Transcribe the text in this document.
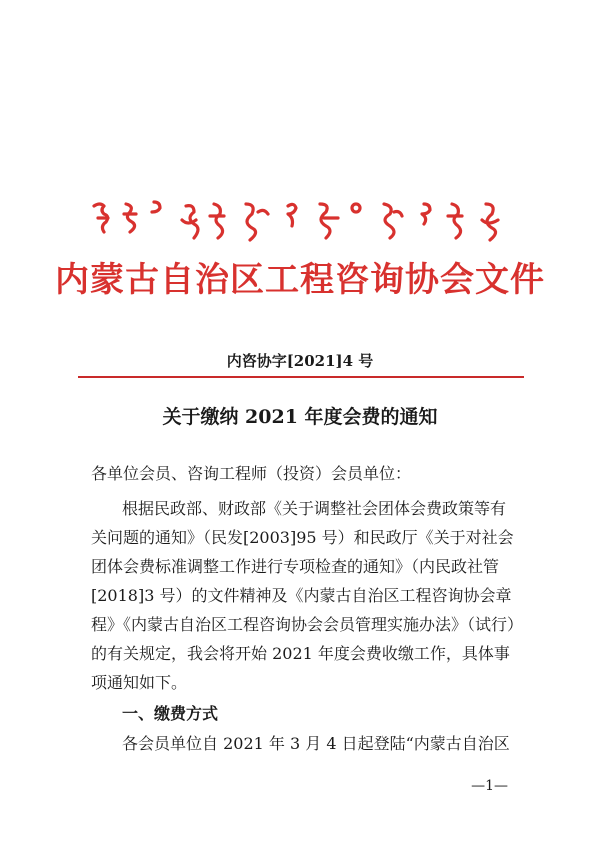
内蒙古自治区工程咨询协会文件
内咨协字[2021]4 号
关于缴纳 2021 年度会费的通知
各单位会员、咨询工程师（投资）会员单位：
根据民政部、财政部《关于调整社会团体会费政策等有
关问题的通知》（民发[2003]95 号）和民政厅《关于对社会
团体会费标准调整工作进行专项检查的通知》（内民政社管
[2018]3 号）的文件精神及《内蒙古自治区工程咨询协会章
程》《内蒙古自治区工程咨询协会会员管理实施办法》（试行）
的有关规定，我会将开始 2021 年度会费收缴工作，具体事
项通知如下。
一、缴费方式
各会员单位自 2021 年 3 月 4 日起登陆“内蒙古自治区
—1—
